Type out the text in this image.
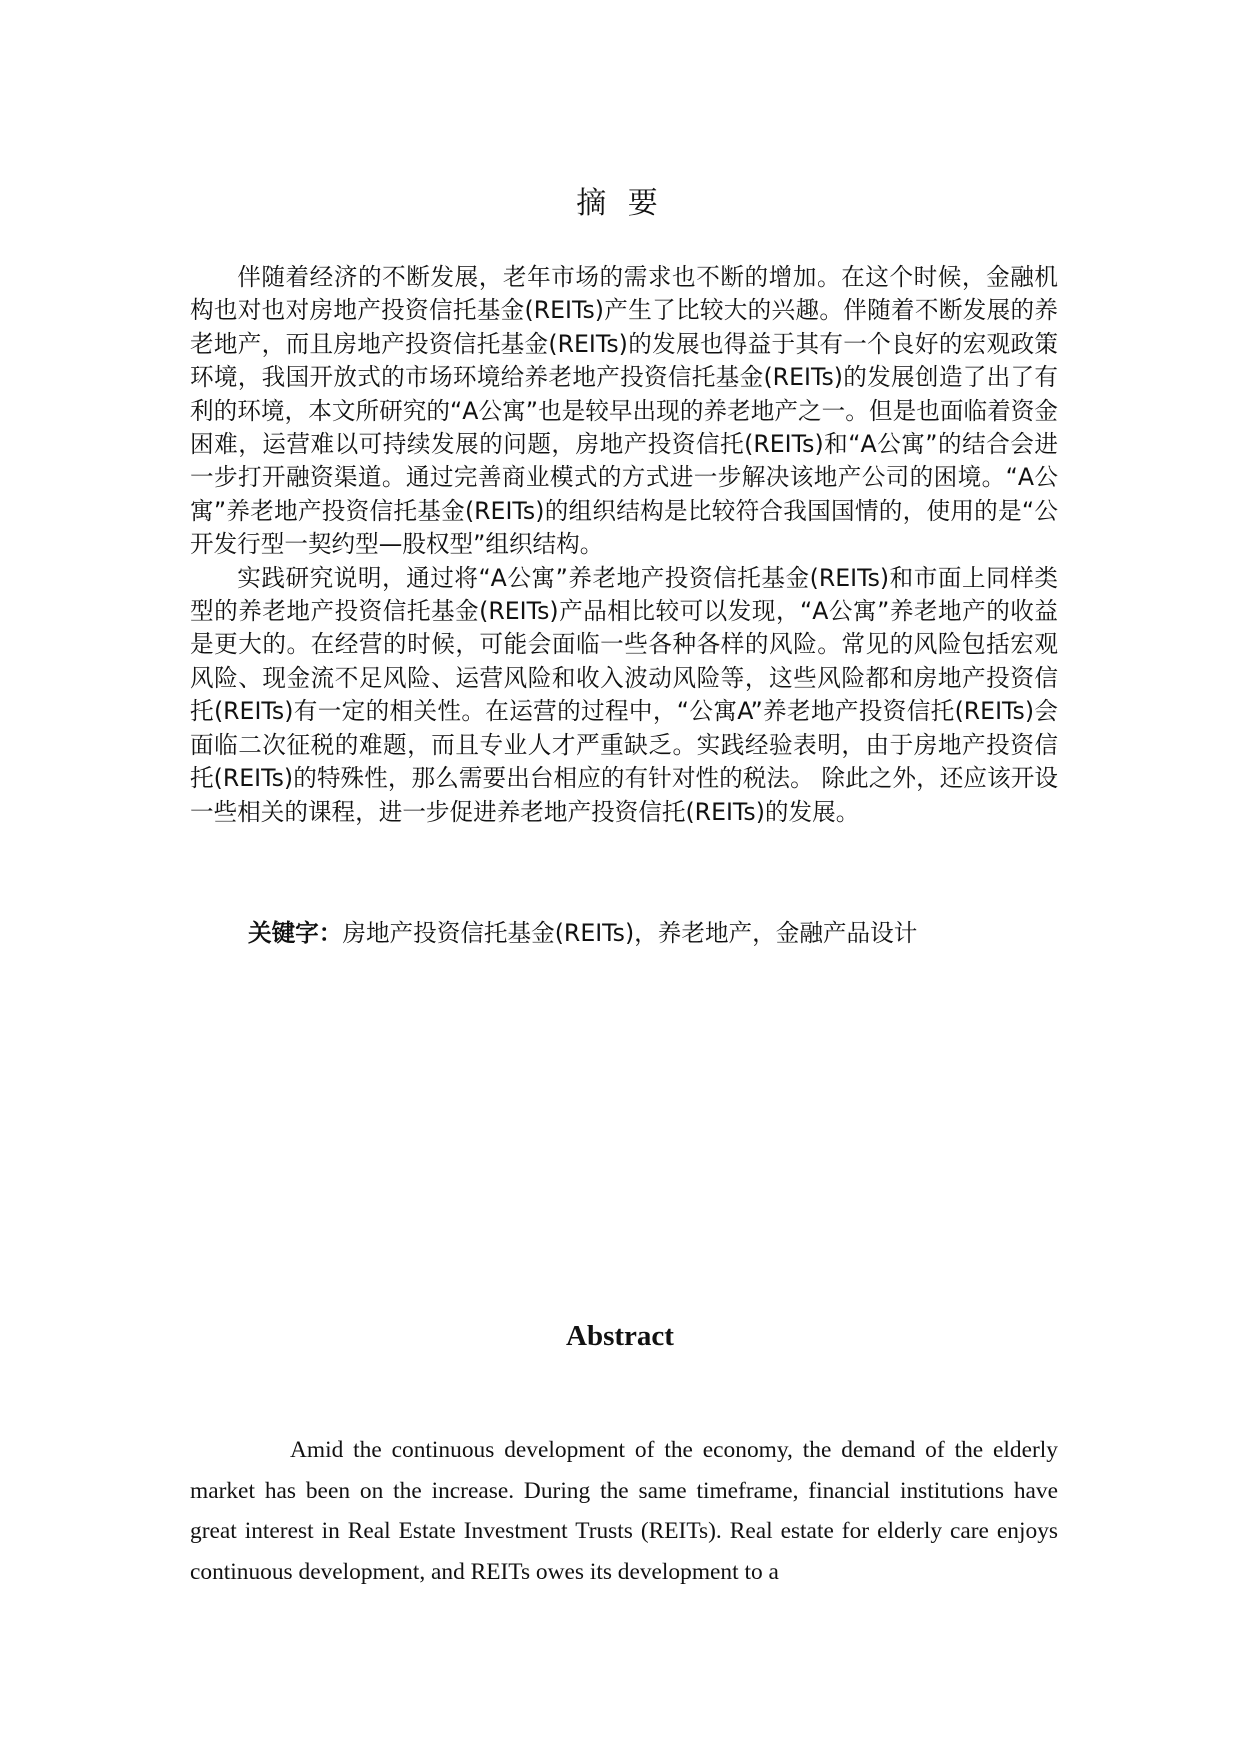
摘 要

伴随着经济的不断发展，老年市场的需求也不断的增加。在这个时候，金融机构也对也对房地产投资信托基金(REITs)产生了比较大的兴趣。伴随着不断发展的养老地产，而且房地产投资信托基金(REITs)的发展也得益于其有一个良好的宏观政策环境，我国开放式的市场环境给养老地产投资信托基金(REITs)的发展创造了出了有利的环境，本文所研究的“A公寓”也是较早出现的养老地产之一。但是也面临着资金困难，运营难以可持续发展的问题，房地产投资信托(REITs)和“A公寓”的结合会进一步打开融资渠道。通过完善商业模式的方式进一步解决该地产公司的困境。“A公寓”养老地产投资信托基金(REITs)的组织结构是比较符合我国国情的，使用的是“公开发行型一契约型—股权型”组织结构。

实践研究说明，通过将“A公寓”养老地产投资信托基金(REITs)和市面上同样类型的养老地产投资信托基金(REITs)产品相比较可以发现，“A公寓”养老地产的收益是更大的。在经营的时候，可能会面临一些各种各样的风险。常见的风险包括宏观风险、现金流不足风险、运营风险和收入波动风险等，这些风险都和房地产投资信托(REITs)有一定的相关性。在运营的过程中，“公寓A”养老地产投资信托(REITs)会面临二次征税的难题，而且专业人才严重缺乏。实践经验表明，由于房地产投资信托(REITs)的特殊性，那么需要出台相应的有针对性的税法。 除此之外，还应该开设一些相关的课程，进一步促进养老地产投资信托(REITs)的发展。

关键字：房地产投资信托基金(REITs)，养老地产，金融产品设计

Abstract

Amid the continuous development of the economy, the demand of the elderly market has been on the increase. During the same timeframe, financial institutions have great interest in Real Estate Investment Trusts (REITs). Real estate for elderly care enjoys continuous development, and REITs owes its development to a
